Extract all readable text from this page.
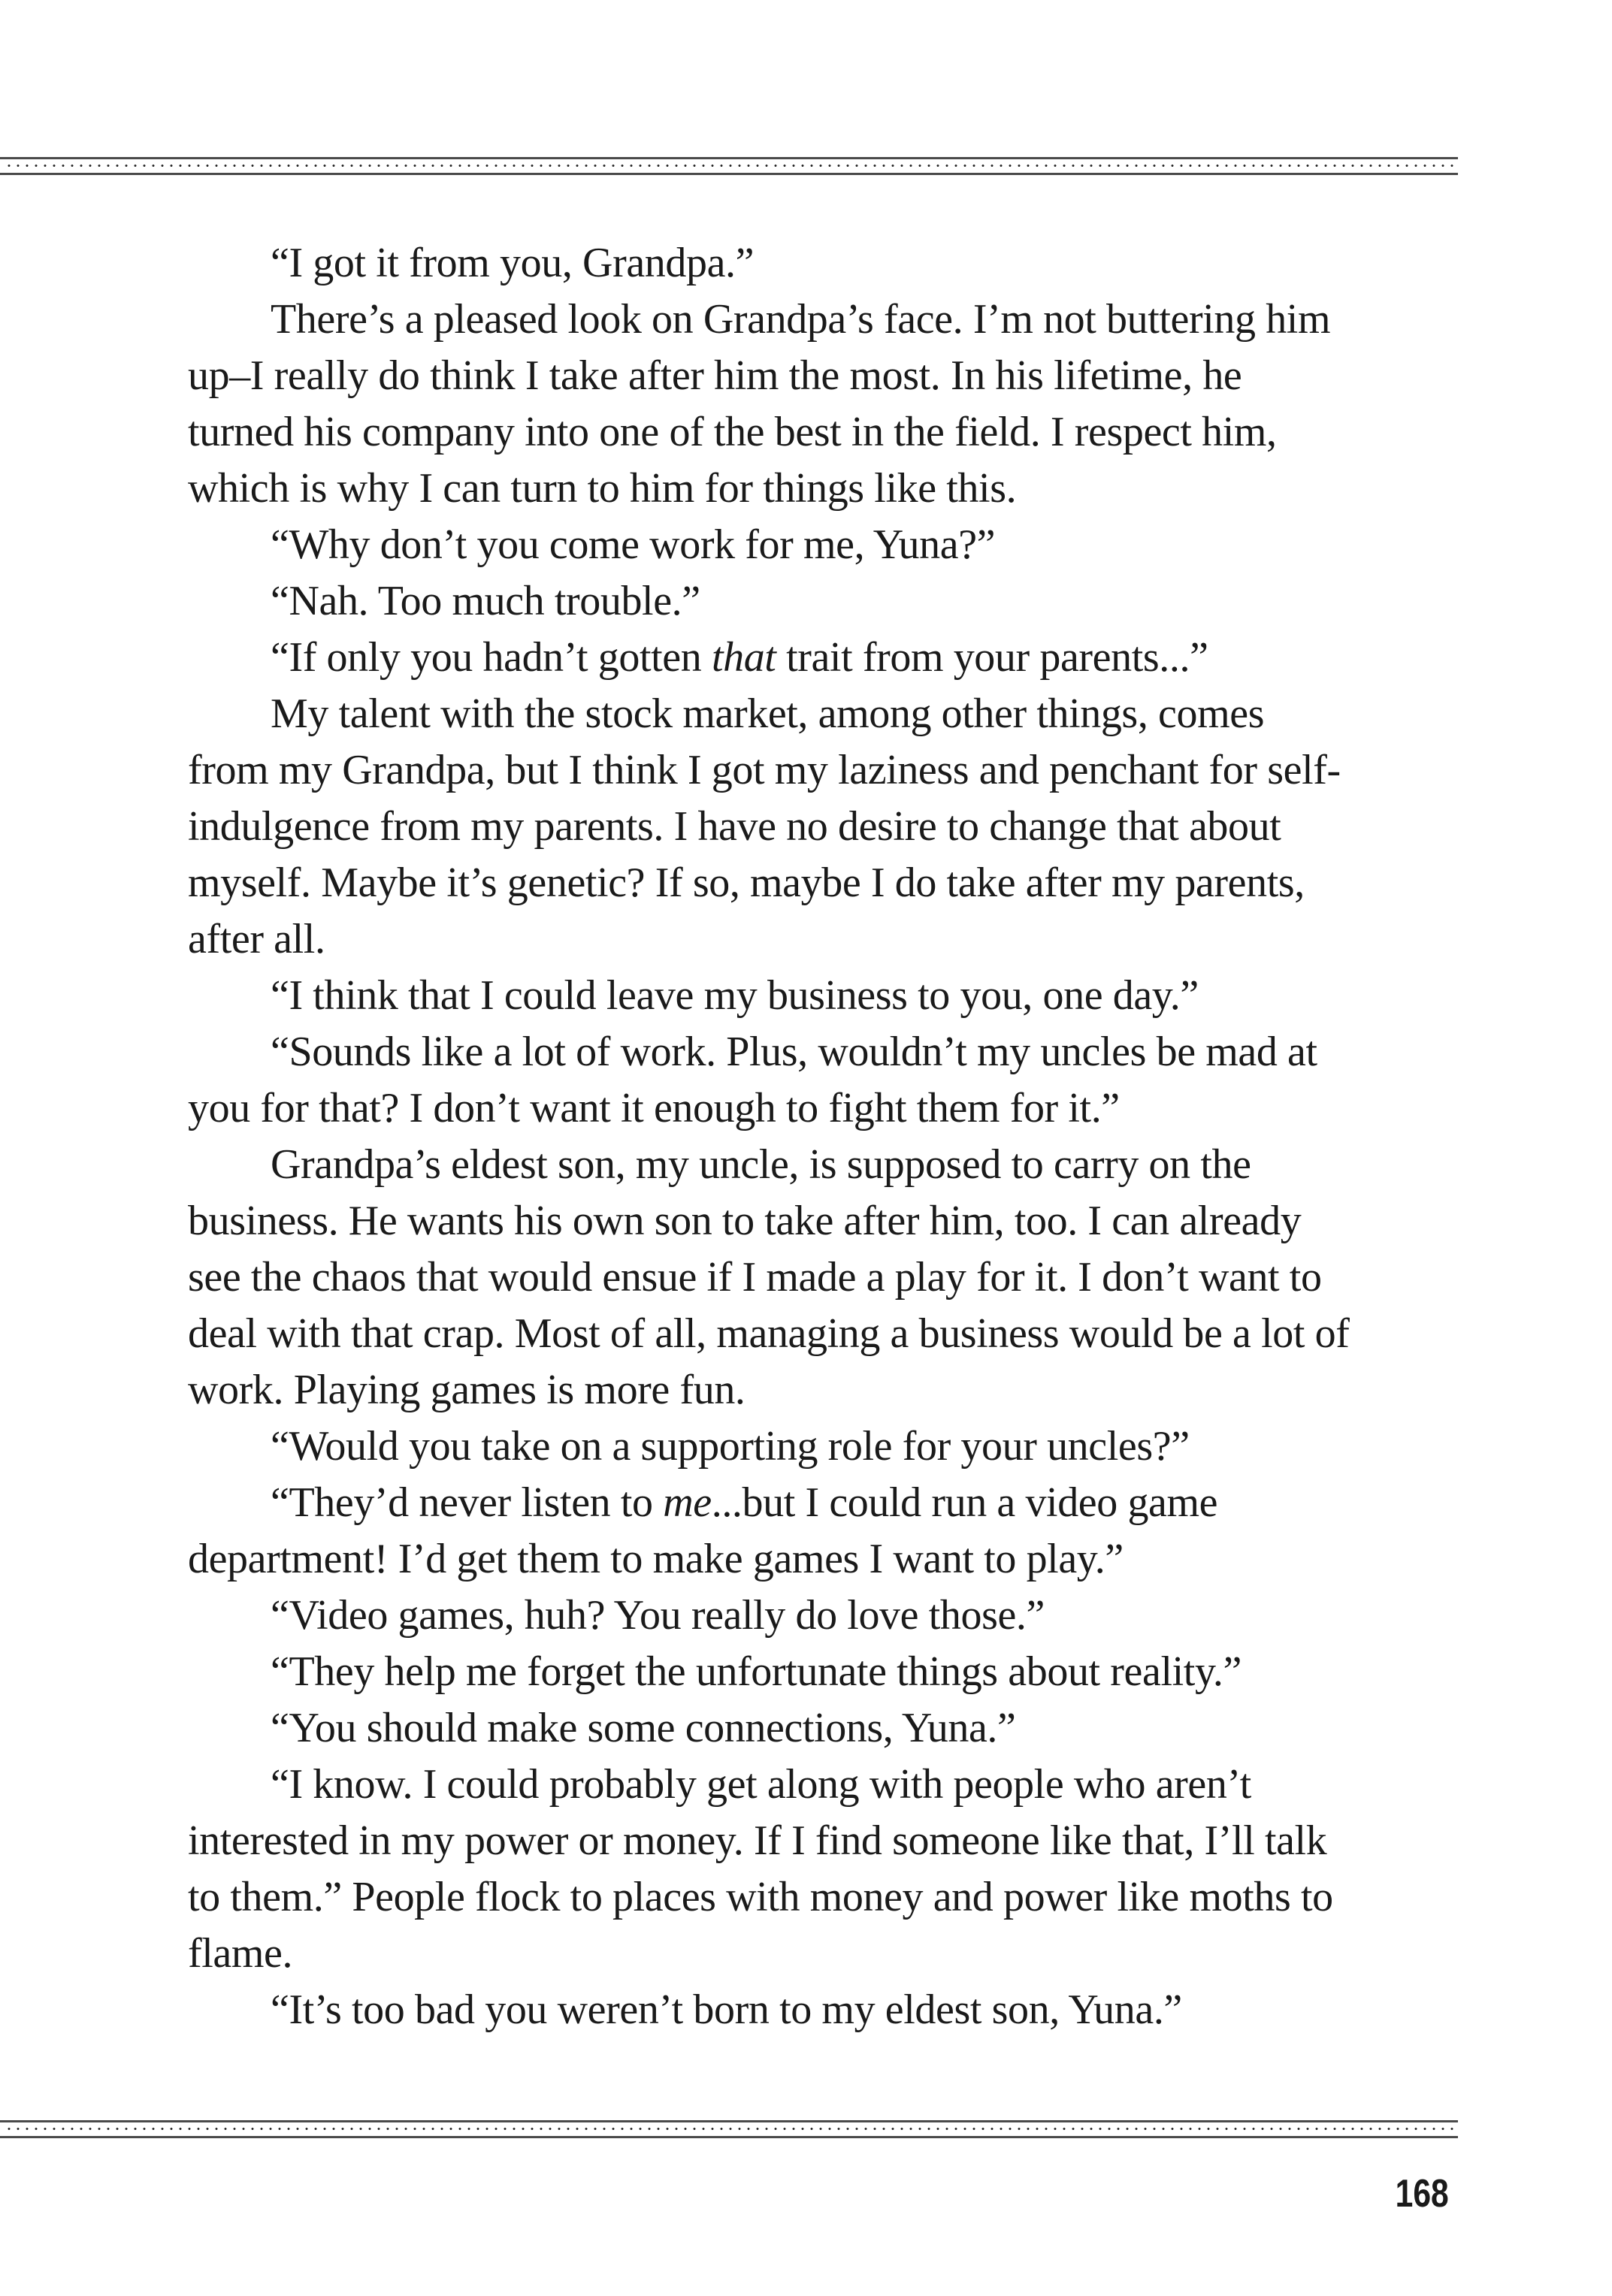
“I got it from you, Grandpa.”
There’s a pleased look on Grandpa’s face. I’m not buttering him
up–I really do think I take after him the most. In his lifetime, he
turned his company into one of the best in the field. I respect him,
which is why I can turn to him for things like this.
“Why don’t you come work for me, Yuna?”
“Nah. Too much trouble.”
“If only you hadn’t gotten that trait from your parents...”
My talent with the stock market, among other things, comes
from my Grandpa, but I think I got my laziness and penchant for self-
indulgence from my parents. I have no desire to change that about
myself. Maybe it’s genetic? If so, maybe I do take after my parents,
after all.
“I think that I could leave my business to you, one day.”
“Sounds like a lot of work. Plus, wouldn’t my uncles be mad at
you for that? I don’t want it enough to fight them for it.”
Grandpa’s eldest son, my uncle, is supposed to carry on the
business. He wants his own son to take after him, too. I can already
see the chaos that would ensue if I made a play for it. I don’t want to
deal with that crap. Most of all, managing a business would be a lot of
work. Playing games is more fun.
“Would you take on a supporting role for your uncles?”
“They’d never listen to me...but I could run a video game
department! I’d get them to make games I want to play.”
“Video games, huh? You really do love those.”
“They help me forget the unfortunate things about reality.”
“You should make some connections, Yuna.”
“I know. I could probably get along with people who aren’t
interested in my power or money. If I find someone like that, I’ll talk
to them.” People flock to places with money and power like moths to
flame.
“It’s too bad you weren’t born to my eldest son, Yuna.”
168
